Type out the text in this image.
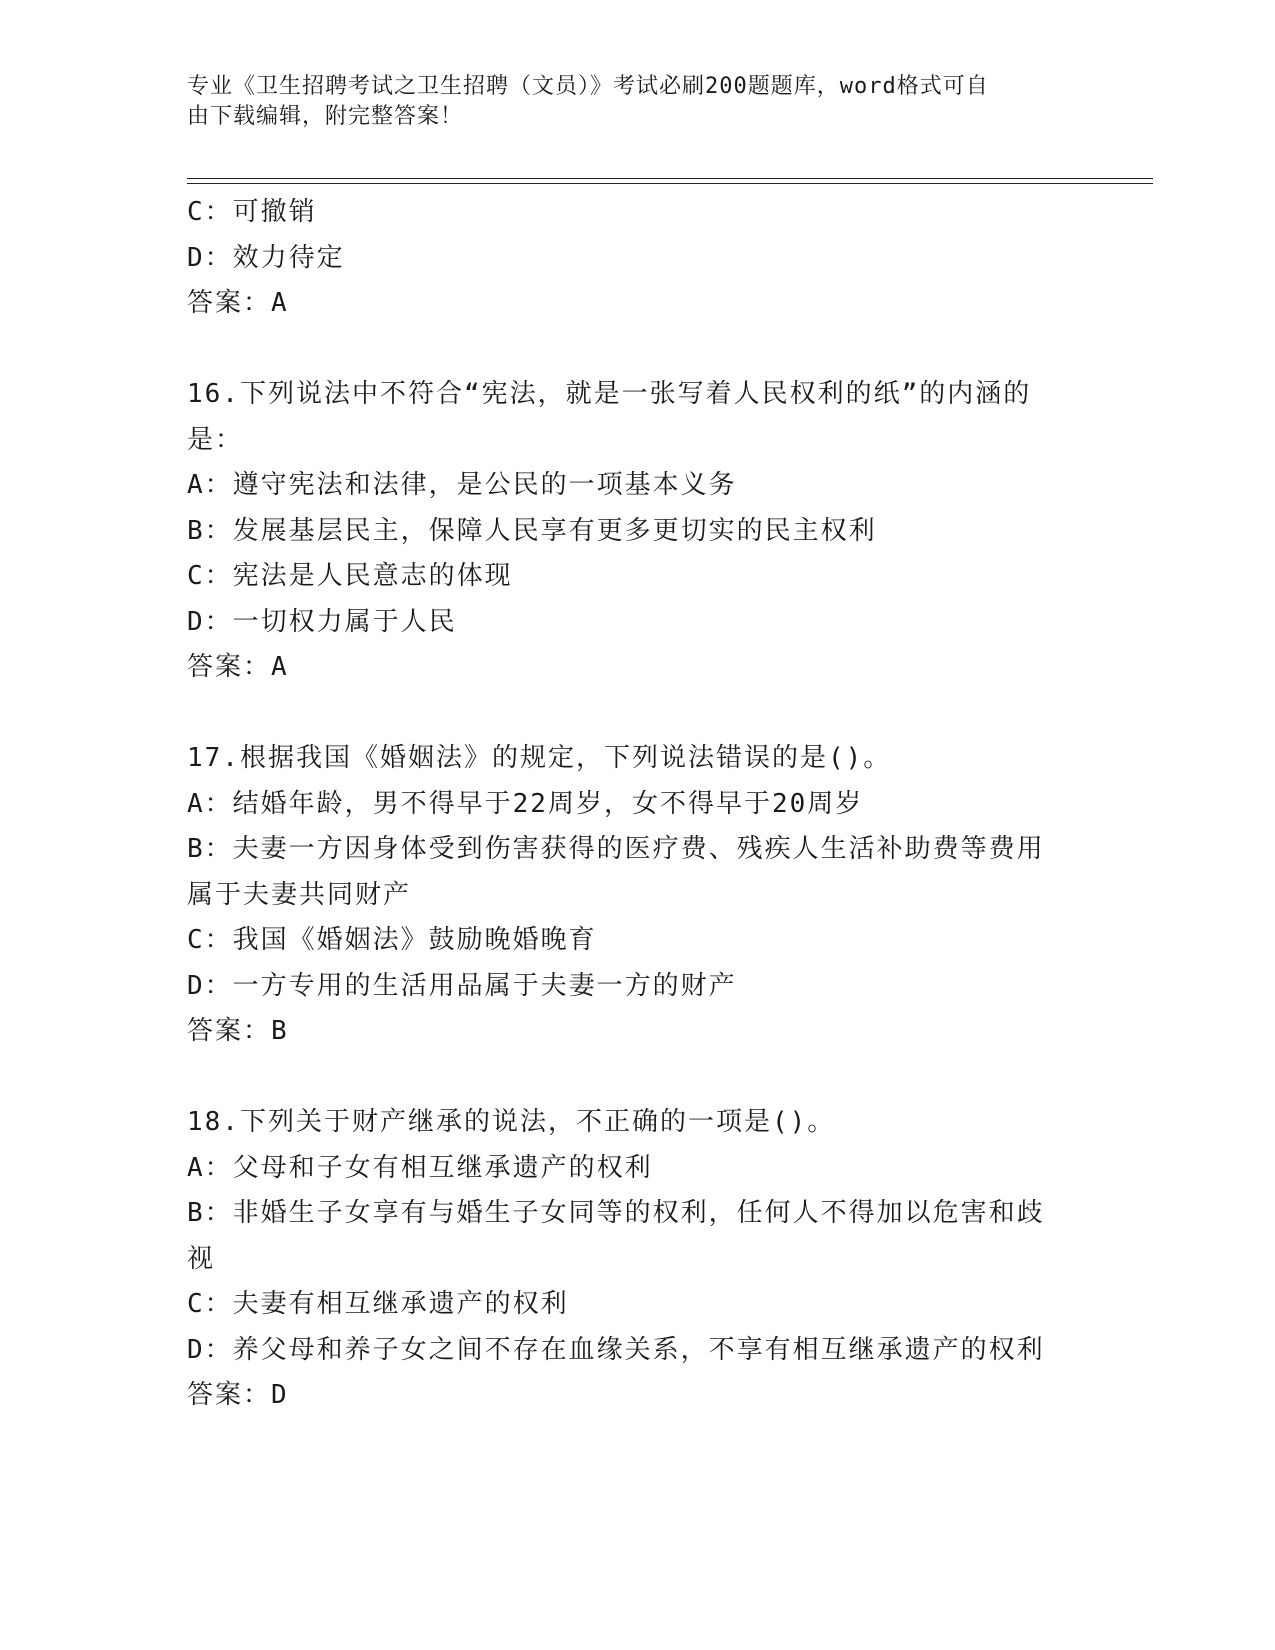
专业《卫生招聘考试之卫生招聘（文员）》考试必刷200题题库，word格式可自
由下载编辑，附完整答案！
C：可撤销
D：效力待定
答案：A
16.下列说法中不符合“宪法，就是一张写着人民权利的纸”的内涵的
是：
A：遵守宪法和法律，是公民的一项基本义务
B：发展基层民主，保障人民享有更多更切实的民主权利
C：宪法是人民意志的体现
D：一切权力属于人民
答案：A
17.根据我国《婚姻法》的规定，下列说法错误的是()。
A：结婚年龄，男不得早于22周岁，女不得早于20周岁
B：夫妻一方因身体受到伤害获得的医疗费、残疾人生活补助费等费用
属于夫妻共同财产
C：我国《婚姻法》鼓励晚婚晚育
D：一方专用的生活用品属于夫妻一方的财产
答案：B
18.下列关于财产继承的说法，不正确的一项是()。
A：父母和子女有相互继承遗产的权利
B：非婚生子女享有与婚生子女同等的权利，任何人不得加以危害和歧
视
C：夫妻有相互继承遗产的权利
D：养父母和养子女之间不存在血缘关系，不享有相互继承遗产的权利
答案：D
